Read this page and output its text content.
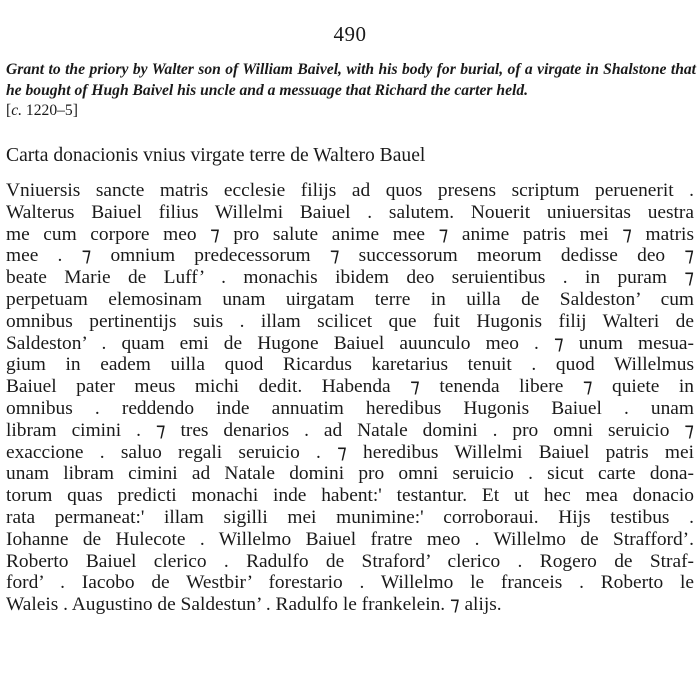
490
Grant to the priory by Walter son of William Baivel, with his body for burial, of a virgate in Shalstone that he bought of Hugh Baivel his uncle and a messuage that Richard the carter held.
[c. 1220–5]
Carta donacionis vnius virgate terre de Waltero Bauel
Vniuersis sancte matris ecclesie filijs ad quos presens scriptum peruenerit .
Walterus Baiuel filius Willelmi Baiuel . salutem. Nouerit uniuersitas uestra
me cum corpore meo ⁊ pro salute anime mee ⁊ anime patris mei ⁊ matris
mee . ⁊ omnium predecessorum ⁊ successorum meorum dedisse deo ⁊
beate Marie de Luff’ . monachis ibidem deo seruientibus . in puram ⁊
perpetuam elemosinam unam uirgatam terre in uilla de Saldeston’ cum
omnibus pertinentijs suis . illam scilicet que fuit Hugonis filij Walteri de
Saldeston’ . quam emi de Hugone Baiuel auunculo meo . ⁊ unum mesua-
gium in eadem uilla quod Ricardus karetarius tenuit . quod Willelmus
Baiuel pater meus michi dedit. Habenda ⁊ tenenda libere ⁊ quiete in
omnibus . reddendo inde annuatim heredibus Hugonis Baiuel . unam
libram cimini . ⁊ tres denarios . ad Natale domini . pro omni seruicio ⁊
exaccione . saluo regali seruicio . ⁊ heredibus Willelmi Baiuel patris mei
unam libram cimini ad Natale domini pro omni seruicio . sicut carte dona-
torum quas predicti monachi inde habent:' testantur. Et ut hec mea donacio
rata permaneat:' illam sigilli mei munimine:' corroboraui. Hijs testibus .
Iohanne de Hulecote . Willelmo Baiuel fratre meo . Willelmo de Strafford’.
Roberto Baiuel clerico . Radulfo de Straford’ clerico . Rogero de Straf-
ford’ . Iacobo de Westbir’ forestario . Willelmo le franceis . Roberto le
Waleis . Augustino de Saldestun’ . Radulfo le frankelein. ⁊ alijs.
